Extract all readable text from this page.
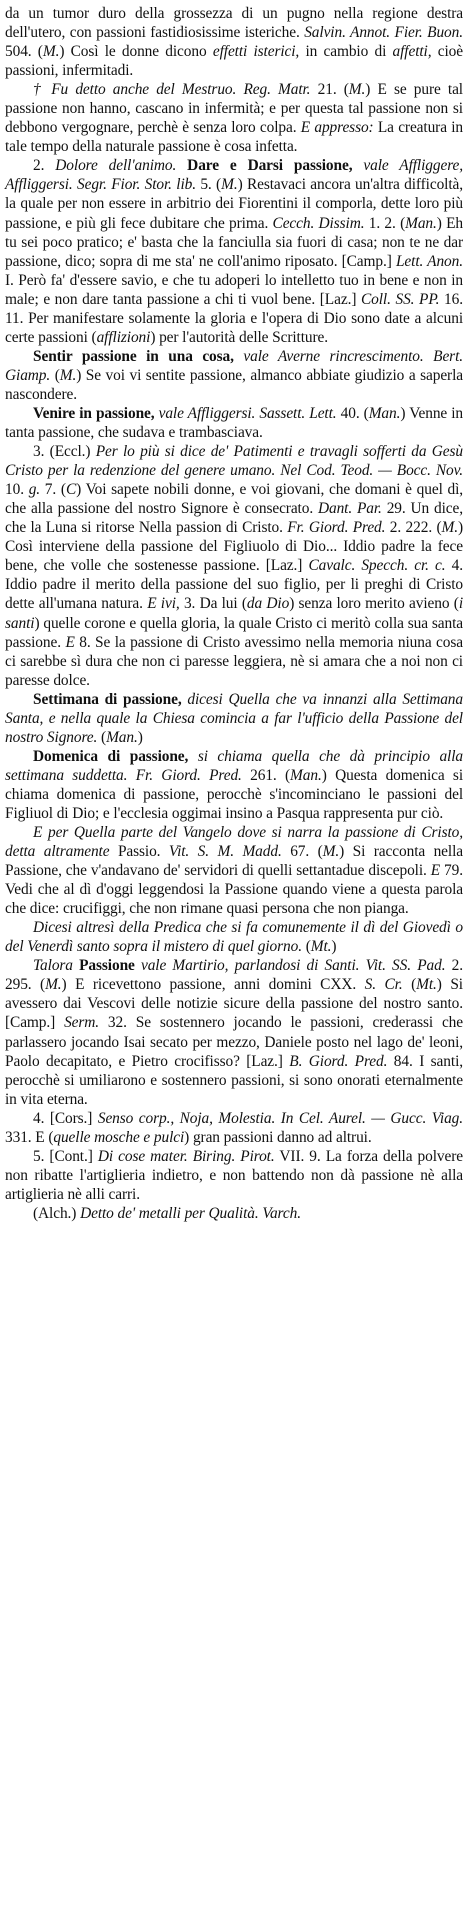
da un tumor duro della grossezza di un pugno nella regione destra dell'utero, con passioni fastidiosissime isteriche. Salvin. Annot. Fier. Buon. 504. (M.) Così le donne dicono effetti isterici, in cambio di affetti, cioè passioni, infermitadi.

† Fu detto anche del Mestruo. Reg. Matr. 21. (M.) E se pure tal passione non hanno, cascano in infermità; e per questa tal passione non si debbono vergognare, perchè è senza loro colpa. E appresso: La creatura in tale tempo della naturale passione è cosa infetta.

2. Dolore dell'animo. Dare e Darsi passione, vale Affliggere, Affliggersi. Segr. Fior. Stor. lib. 5. (M.) Restavaci ancora un'altra difficoltà, la quale per non essere in arbitrio dei Fiorentini il comporla, dette loro più passione, e più gli fece dubitare che prima. Cecch. Dissim. 1. 2. (Man.) Eh tu sei poco pratico; e' basta che la fanciulla sia fuori di casa; non te ne dar passione, dico; sopra di me sta' ne coll'animo riposato. [Camp.] Lett. Anon. I. Però fa' d'essere savio, e che tu adoperi lo intelletto tuo in bene e non in male; e non dare tanta passione a chi ti vuol bene. [Laz.] Coll. SS. PP. 16. 11. Per manifestare solamente la gloria e l'opera di Dio sono date a alcuni certe passioni (afflizioni) per l'autorità delle Scritture.

Sentir passione in una cosa, vale Averne rincrescimento. Bert. Giamp. (M.) Se voi vi sentite passione, almanco abbiate giudizio a saperla nascondere.

Venire in passione, vale Affliggersi. Sassett. Lett. 40. (Man.) Venne in tanta passione, che sudava e trambasciava.

3. (Eccl.) Per lo più si dice de' Patimenti e travagli sofferti da Gesù Cristo per la redenzione del genere umano. Nel Cod. Teod. — Bocc. Nov. 10. g. 7. (C) Voi sapete nobili donne, e voi giovani, che domani è quel dì, che alla passione del nostro Signore è consecrato. Dant. Par. 29. Un dice, che la Luna si ritorse Nella passion di Cristo. Fr. Giord. Pred. 2. 222. (M.) Così interviene della passione del Figliuolo di Dio... Iddio padre la fece bene, che volle che sostenesse passione. [Laz.] Cavalc. Specch. cr. c. 4. Iddio padre il merito della passione del suo figlio, per li preghi di Cristo dette all'umana natura. E ivi, 3. Da lui (da Dio) senza loro merito avieno (i santi) quelle corone e quella gloria, la quale Cristo ci meritò colla sua santa passione. E 8. Se la passione di Cristo avessimo nella memoria niuna cosa ci sarebbe sì dura che non ci paresse leggiera, nè si amara che a noi non ci paresse dolce.

Settimana di passione, dicesi Quella che va innanzi alla Settimana Santa, e nella quale la Chiesa comincia a far l'ufficio della Passione del nostro Signore. (Man.)

Domenica di passione, si chiama quella che dà principio alla settimana suddetta. Fr. Giord. Pred. 261. (Man.) Questa domenica si chiama domenica di passione, perocchè s'incominciano le passioni del Figliuol di Dio; e l'ecclesia oggimai insino a Pasqua rappresenta pur ciò.

E per Quella parte del Vangelo dove si narra la passione di Cristo, detta altramente Passio. Vit. S. M. Madd. 67. (M.) Si racconta nella Passione, che v'andavano de' servidori di quelli settantadue discepoli. E 79. Vedi che al dì d'oggi leggendosi la Passione quando viene a questa parola che dice: crucifiggi, che non rimane quasi persona che non pianga.

Dicesi altresì della Predica che si fa comunemente il dì del Giovedì o del Venerdì santo sopra il mistero di quel giorno. (Mt.)

Talora Passione vale Martirio, parlandosi di Santi. Vit. SS. Pad. 2. 295. (M.) E ricevettono passione, anni domini CXX. S. Cr. (Mt.) Si avessero dai Vescovi delle notizie sicure della passione del nostro santo. [Camp.] Serm. 32. Se sostennero jocando le passioni, crederassi che parlassero jocando Isai secato per mezzo, Daniele posto nel lago de' leoni, Paolo decapitato, e Pietro crocifisso? [Laz.] B. Giord. Pred. 84. I santi, perocchè si umiliarono e sostennero passioni, si sono onorati eternalmente in vita eterna.

4. [Cors.] Senso corp., Noja, Molestia. In Cel. Aurel. — Gucc. Viag. 331. E (quelle mosche e pulci) gran passioni danno ad altrui.

5. [Cont.] Di cose mater. Biring. Pirot. VII. 9. La forza della polvere non ribatte l'artiglieria indietro, e non battendo non dà passione nè alla artiglieria nè alli carri.

(Alch.) Detto de' metalli per Qualità. Varch.
